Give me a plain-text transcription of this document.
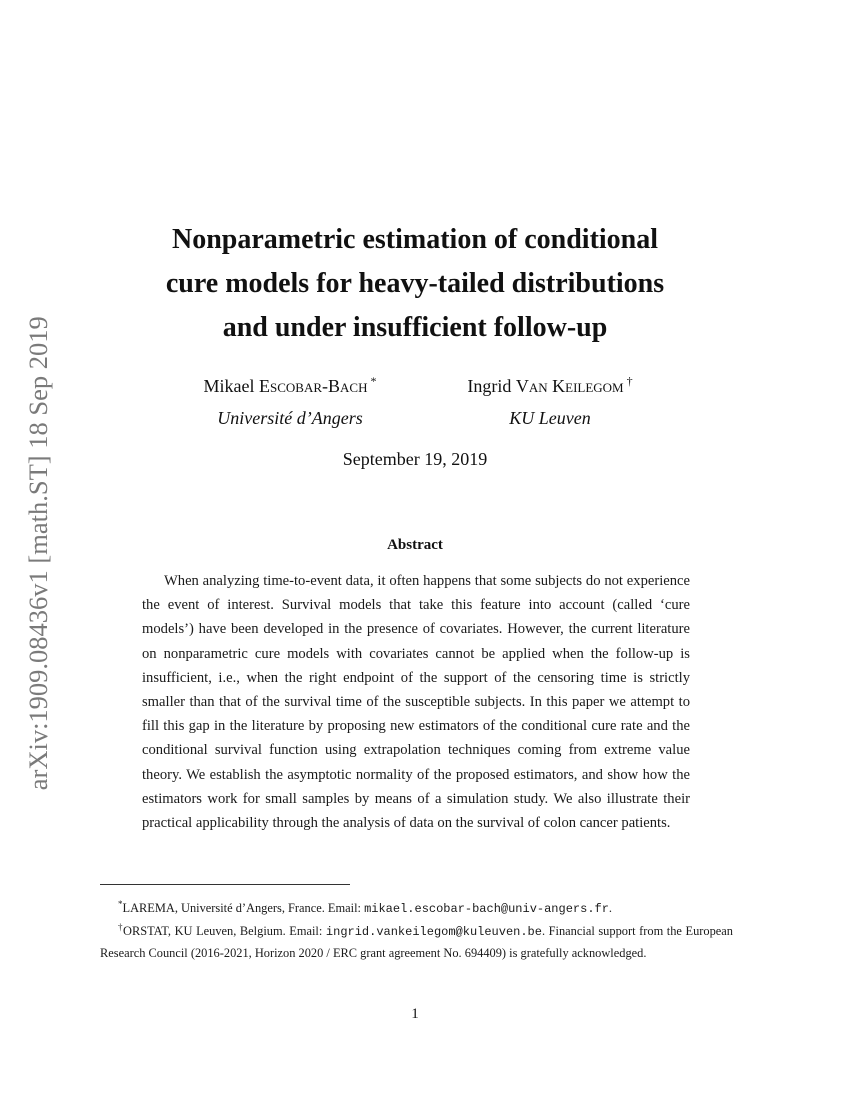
arXiv:1909.08436v1 [math.ST] 18 Sep 2019
Nonparametric estimation of conditional
cure models for heavy-tailed distributions
and under insufficient follow-up
Mikael Escobar-Bach *
Université d’Angers
Ingrid Van Keilegom †
KU Leuven
September 19, 2019
Abstract

When analyzing time-to-event data, it often happens that some subjects do not experience the event of interest. Survival models that take this feature into account (called ‘cure models’) have been developed in the presence of covariates. However, the current literature on nonparametric cure models with covariates cannot be applied when the follow-up is insufficient, i.e., when the right endpoint of the support of the censoring time is strictly smaller than that of the survival time of the susceptible subjects. In this paper we attempt to fill this gap in the literature by proposing new estimators of the conditional cure rate and the conditional survival function using extrapolation techniques coming from extreme value theory. We establish the asymptotic normality of the proposed estimators, and show how the estimators work for small samples by means of a simulation study. We also illustrate their practical applicability through the analysis of data on the survival of colon cancer patients.

*LAREMA, Université d’Angers, France. Email: mikael.escobar-bach@univ-angers.fr.

†ORSTAT, KU Leuven, Belgium. Email: ingrid.vankeilegom@kuleuven.be. Financial support from the European Research Council (2016-2021, Horizon 2020 / ERC grant agreement No. 694409) is gratefully acknowledged.

1
